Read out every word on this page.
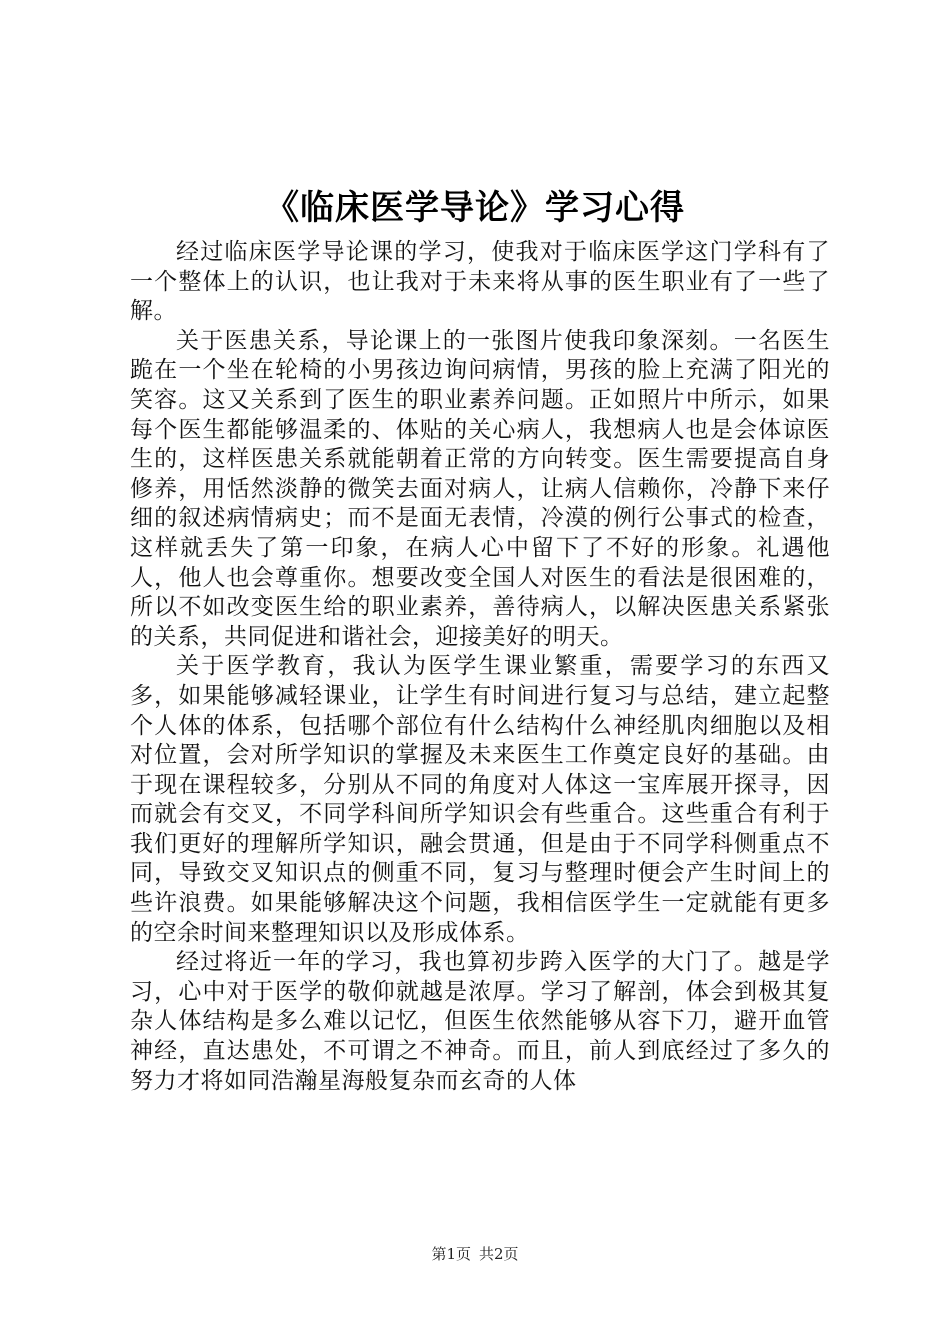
《临床医学导论》学习心得

经过临床医学导论课的学习，使我对于临床医学这门学科有了一个整体上的认识，也让我对于未来将从事的医生职业有了一些了解。

关于医患关系，导论课上的一张图片使我印象深刻。一名医生跪在一个坐在轮椅的小男孩边询问病情，男孩的脸上充满了阳光的笑容。这又关系到了医生的职业素养问题。正如照片中所示，如果每个医生都能够温柔的、体贴的关心病人，我想病人也是会体谅医生的，这样医患关系就能朝着正常的方向转变。医生需要提高自身修养，用恬然淡静的微笑去面对病人，让病人信赖你，冷静下来仔细的叙述病情病史；而不是面无表情，冷漠的例行公事式的检查，这样就丢失了第一印象，在病人心中留下了不好的形象。礼遇他人，他人也会尊重你。想要改变全国人对医生的看法是很困难的，所以不如改变医生给的职业素养，善待病人，以解决医患关系紧张的关系，共同促进和谐社会，迎接美好的明天。

关于医学教育，我认为医学生课业繁重，需要学习的东西又多，如果能够减轻课业，让学生有时间进行复习与总结，建立起整个人体的体系，包括哪个部位有什么结构什么神经肌肉细胞以及相对位置，会对所学知识的掌握及未来医生工作奠定良好的基础。由于现在课程较多，分别从不同的角度对人体这一宝库展开探寻，因而就会有交叉，不同学科间所学知识会有些重合。这些重合有利于我们更好的理解所学知识，融会贯通，但是由于不同学科侧重点不同，导致交叉知识点的侧重不同，复习与整理时便会产生时间上的些许浪费。如果能够解决这个问题，我相信医学生一定就能有更多的空余时间来整理知识以及形成体系。

经过将近一年的学习，我也算初步跨入医学的大门了。越是学习，心中对于医学的敬仰就越是浓厚。学习了解剖，体会到极其复杂人体结构是多么难以记忆，但医生依然能够从容下刀，避开血管神经，直达患处，不可谓之不神奇。而且，前人到底经过了多久的努力才将如同浩瀚星海般复杂而玄奇的人体

第1页 共2页
